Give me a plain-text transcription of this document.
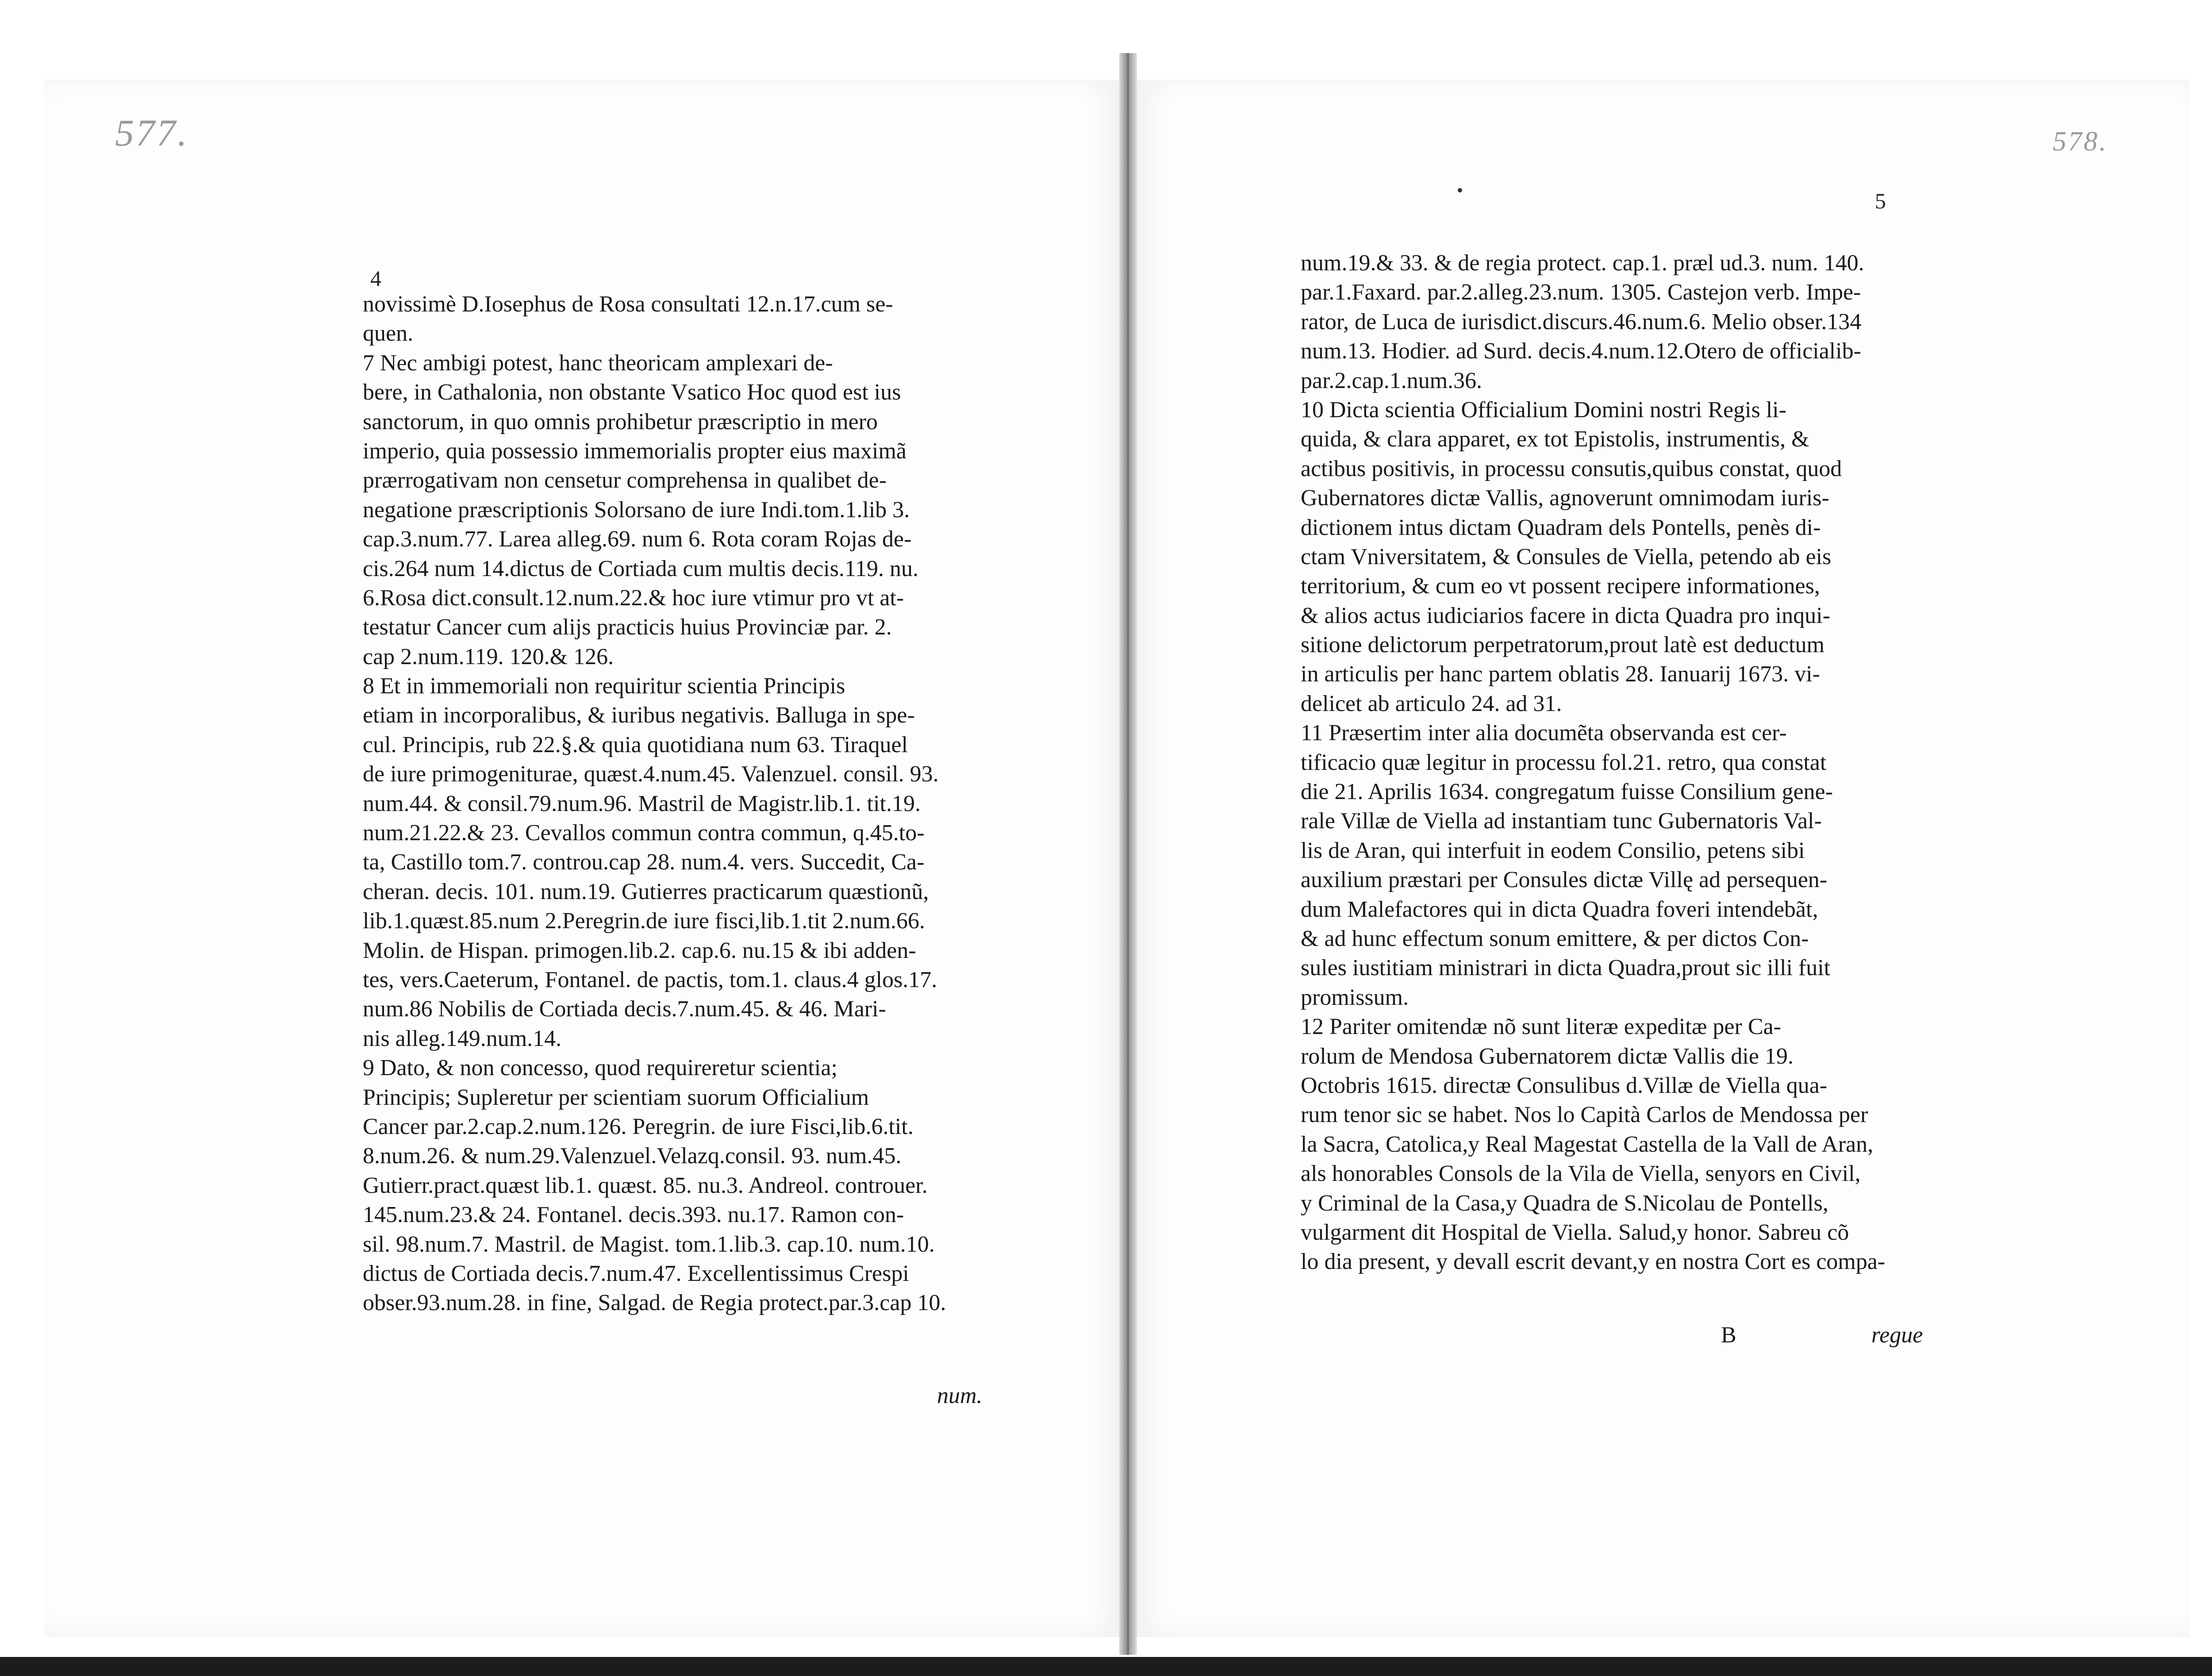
577.	578.
4
5
novissimè D.Iosephus de Rosa consultati 12.n.17.cum se-
quen.
7 Nec ambigi potest, hanc theoricam amplexari de-
bere, in Cathalonia, non obstante Vsatico Hoc quod est ius
sanctorum, in quo omnis prohibetur præscriptio in mero
imperio, quia possessio immemorialis propter eius maximã
prærrogativam non censetur comprehensa in qualibet de-
negatione præscriptionis Solorsano de iure Indi.tom.1.lib 3.
cap.3.num.77. Larea alleg.69. num 6. Rota coram Rojas de-
cis.264 num 14.dictus de Cortiada cum multis decis.119. nu.
6.Rosa dict.consult.12.num.22.& hoc iure vtimur pro vt at-
testatur Cancer cum alijs practicis huius Provinciæ par. 2.
cap 2.num.119. 120.& 126.
8 Et in immemoriali non requiritur scientia Principis
etiam in incorporalibus, & iuribus negativis. Balluga in spe-
cul. Principis, rub 22.§.& quia quotidiana num 63. Tiraquel
de iure primogeniturae, quæst.4.num.45. Valenzuel. consil. 93.
num.44. & consil.79.num.96. Mastril de Magistr.lib.1. tit.19.
num.21.22.& 23. Cevallos commun contra commun, q.45.to-
ta, Castillo tom.7. controu.cap 28. num.4. vers. Succedit, Ca-
cheran. decis. 101. num.19. Gutierres practicarum quæstionũ,
lib.1.quæst.85.num 2.Peregrin.de iure fisci,lib.1.tit 2.num.66.
Molin. de Hispan. primogen.lib.2. cap.6. nu.15 & ibi adden-
tes, vers.Caeterum, Fontanel. de pactis, tom.1. claus.4 glos.17.
num.86 Nobilis de Cortiada decis.7.num.45. & 46. Mari-
nis alleg.149.num.14.
9 Dato, & non concesso, quod requireretur scientia;
Principis; Supleretur per scientiam suorum Officialium
Cancer par.2.cap.2.num.126. Peregrin. de iure Fisci,lib.6.tit.
8.num.26. & num.29.Valenzuel.Velazq.consil. 93. num.45.
Gutierr.pract.quæst lib.1. quæst. 85. nu.3. Andreol. controuer.
145.num.23.& 24. Fontanel. decis.393. nu.17. Ramon con-
sil. 98.num.7. Mastril. de Magist. tom.1.lib.3. cap.10. num.10.
dictus de Cortiada decis.7.num.47. Excellentissimus Crespi
obser.93.num.28. in fine, Salgad. de Regia protect.par.3.cap 10.
num.19.& 33. & de regia protect. cap.1. præl ud.3. num. 140.
par.1.Faxard. par.2.alleg.23.num. 1305. Castejon verb. Impe-
rator, de Luca de iurisdict.discurs.46.num.6. Melio obser.134
num.13. Hodier. ad Surd. decis.4.num.12.Otero de officialib-
par.2.cap.1.num.36.
10 Dicta scientia Officialium Domini nostri Regis li-
quida, & clara apparet, ex tot Epistolis, instrumentis, &
actibus positivis, in processu consutis,quibus constat, quod
Gubernatores dictæ Vallis, agnoverunt omnimodam iuris-
dictionem intus dictam Quadram dels Pontells, penès di-
ctam Vniversitatem, & Consules de Viella, petendo ab eis
territorium, & cum eo vt possent recipere informationes,
& alios actus iudiciarios facere in dicta Quadra pro inqui-
sitione delictorum perpetratorum,prout latè est deductum
in articulis per hanc partem oblatis 28. Ianuarij 1673. vi-
delicet ab articulo 24. ad 31.
11 Præsertim inter alia documẽta observanda est cer-
tificacio quæ legitur in processu fol.21. retro, qua constat
die 21. Aprilis 1634. congregatum fuisse Consilium gene-
rale Villæ de Viella ad instantiam tunc Gubernatoris Val-
lis de Aran, qui interfuit in eodem Consilio, petens sibi
auxilium præstari per Consules dictæ Villę ad persequen-
dum Malefactores qui in dicta Quadra foveri intendebãt,
& ad hunc effectum sonum emittere, & per dictos Con-
sules iustitiam ministrari in dicta Quadra,prout sic illi fuit
promissum.
12 Pariter omitendæ nõ sunt literæ expeditæ per Ca-
rolum de Mendosa Gubernatorem dictæ Vallis die 19.
Octobris 1615. directæ Consulibus d.Villæ de Viella qua-
rum tenor sic se habet. Nos lo Capità Carlos de Mendossa per
la Sacra, Catolica,y Real Magestat Castella de la Vall de Aran,
als honorables Consols de la Vila de Viella, senyors en Civil,
y Criminal de la Casa,y Quadra de S.Nicolau de Pontells,
vulgarment dit Hospital de Viella. Salud,y honor. Sabreu cõ
lo dia present, y devall escrit devant,y en nostra Cort es compa-
num.
B	regue
